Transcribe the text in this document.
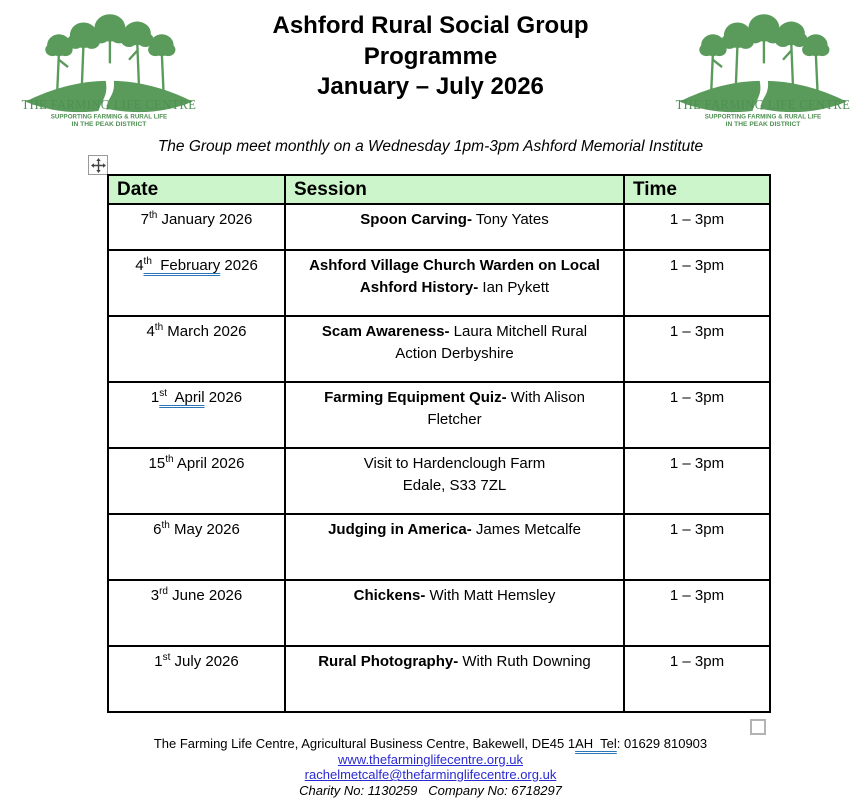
THE FARMING LIFE CENTRE
SUPPORTING FARMING & RURAL LIFE
IN THE PEAK DISTRICT
THE FARMING LIFE CENTRE
SUPPORTING FARMING & RURAL LIFE
IN THE PEAK DISTRICT
Ashford Rural Social Group
Programme
January – July 2026
The Group meet monthly on a Wednesday 1pm-3pm Ashford Memorial Institute
Date	Session	Time
7th January 2026	Spoon Carving- Tony Yates	1 – 3pm
4th  February 2026	Ashford Village Church Warden on Local
Ashford History- Ian Pykett	1 – 3pm
4th March 2026	Scam Awareness- Laura Mitchell Rural
Action Derbyshire	1 – 3pm
1st  April 2026	Farming Equipment Quiz- With Alison
Fletcher	1 – 3pm
15th April 2026	Visit to Hardenclough Farm
Edale, S33 7ZL	1 – 3pm
6th May 2026	Judging in America- James Metcalfe	1 – 3pm
3rd June 2026	Chickens- With Matt Hemsley	1 – 3pm
1st July 2026	Rural Photography- With Ruth Downing	1 – 3pm
The Farming Life Centre, Agricultural Business Centre, Bakewell, DE45 1AH  Tel: 01629 810903
www.thefarminglifecentre.org.uk
rachelmetcalfe@thefarminglifecentre.org.uk
Charity No: 1130259   Company No: 6718297
